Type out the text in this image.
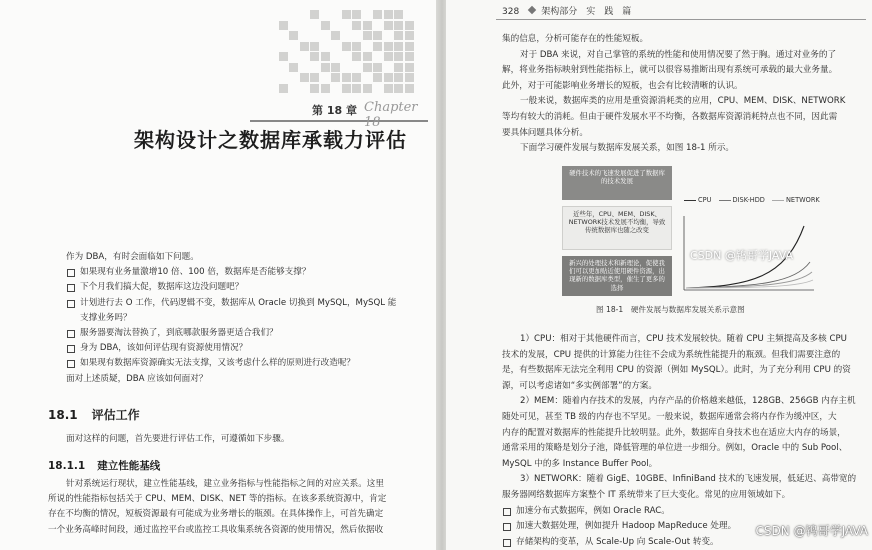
第 18 章 Chapter 18
架构设计之数据库承载力评估
作为 DBA，有时会面临如下问题。
如果现有业务量激增10 倍、100 倍，数据库是否能够支撑？
下个月我们搞大促，数据库这边没问题吧？
计划进行去 O 工作，代码逻辑不变，数据库从 Oracle 切换到 MySQL，MySQL 能
支撑业务吗？
服务器要淘汰替换了，到底哪款服务器更适合我们？
身为 DBA，该如何评估现有资源使用情况？
如果现有数据库资源确实无法支撑，又该考虑什么样的原则进行改造呢？
面对上述质疑，DBA 应该如何面对？
18.1 评估工作
面对这样的问题，首先要进行评估工作，可遵循如下步骤。
18.1.1 建立性能基线
针对系统运行现状，建立性能基线，建立业务指标与性能指标之间的对应关系。这里
所说的性能指标包括关于 CPU、MEM、DISK、NET 等的指标。在该多系统资源中，肯定
存在不均衡的情况，短板资源最有可能成为业务增长的瓶颈。在具体操作上，可首先确定
一个业务高峰时间段，通过监控平台或监控工具收集系统各资源的使用情况，然后依据收
328 架构部分　实　践　篇
集的信息，分析可能存在的性能短板。
对于 DBA 来说，对自己掌管的系统的性能和使用情况要了然于胸。通过对业务的了
解，将业务指标映射到性能指标上，就可以很容易推断出现有系统可承载的最大业务量。
此外，对于可能影响业务增长的短板，也会有比较清晰的认识。
一般来说，数据库类的应用是重资源消耗类的应用，CPU、MEM、DISK、NETWORK
等均有较大的消耗。但由于硬件发展水平不均衡，各数据库资源消耗特点也不同，因此需
要具体问题具体分析。
下面学习硬件发展与数据库发展关系，如图 18-1 所示。
硬件技术的飞速发展促进了数据库的技术发展
近些年，CPU、MEM、DISK、NETWORK技术发展不均衡，导致传统数据库也随之改变
新兴的处理技术和新理论，促使我们可以更加贴近使用硬件资源，出现新的数据库类型，催生了更多的选择
CPU	DISK-HDD	NETWORK
图 18-1　硬件发展与数据库发展关系示意图
1）CPU：相对于其他硬件而言，CPU 技术发展较快。随着 CPU 主频提高及多核 CPU
技术的发展，CPU 提供的计算能力往往不会成为系统性能提升的瓶颈。但我们需要注意的
是，有些数据库无法完全利用 CPU 的资源（例如 MySQL）。此时，为了充分利用 CPU 的资
源，可以考虑诸如“多实例部署”的方案。
2）MEM：随着内存技术的发展，内存产品的价格越来越低，128GB、256GB 内存主机
随处可见，甚至 TB 级的内存也不罕见。一般来说，数据库通常会将内存作为缓冲区，大
内存的配置对数据库的性能提升比较明显。此外，数据库自身技术也在适应大内存的场景，
通常采用的策略是划分子池，降低管理的单位进一步细分。例如，Oracle 中的 Sub Pool、
MySQL 中的多 Instance Buffer Pool。
3）NETWORK：随着 GigE、10GBE、InfiniBand 技术的飞速发展，低延迟、高带宽的
服务器网络数据库方案整个 IT 系统带来了巨大变化。常见的应用领域如下。
加速分布式数据库，例如 Oracle RAC。
加速大数据处理，例如提升 Hadoop MapReduce 处理。
存储架构的变革，从 Scale-Up 向 Scale-Out 转变。
CSDN @鸨哥学JAVA
CSDN @鸨哥学JAVA
